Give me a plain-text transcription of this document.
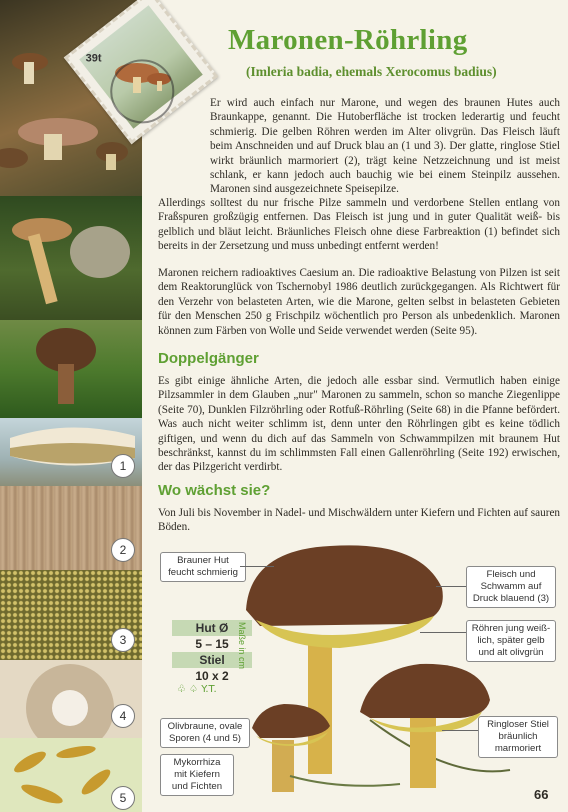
1
2
3
4
5
39t
Maronen-Röhrling
(Imleria badia, ehemals Xerocomus badius)
Er wird auch einfach nur Marone, und wegen des braunen Hutes auch Braunkappe, genannt. Die Hutoberfläche ist trocken lederartig und feucht schmierig. Die gelben Röhren werden im Alter olivgrün. Das Fleisch läuft beim Anschneiden und auf Druck blau an (1 und 3). Der glatte, ringlose Stiel wirkt bräunlich marmoriert (2), trägt keine Netzzeichnung und ist meist schlank, er kann jedoch auch bauchig wie bei einem Steinpilz aussehen. Maronen sind ausgezeichnete Speisepilze.
Allerdings solltest du nur frische Pilze sammeln und verdorbene Stellen entlang von Fraßspuren großzügig entfernen. Das Fleisch ist jung und in guter Qualität weiß- bis gelblich und bläut leicht. Bräunliches Fleisch ohne diese Farbreaktion (1) befindet sich bereits in der Zersetzung und muss unbedingt entfernt werden!
Maronen reichern radioaktives Caesium an. Die radioaktive Belastung von Pilzen ist seit dem Reaktorunglück von Tschernobyl 1986 deutlich zurückgegangen. Als Richtwert für den Verzehr von belasteten Arten, wie die Marone, gelten selbst in belasteten Gebieten für den Menschen 250 g Frischpilz wöchentlich pro Person als unbedenklich. Maronen können zum Färben von Wolle und Seide verwendet werden (Seite 95).
Doppelgänger
Es gibt einige ähnliche Arten, die jedoch alle essbar sind. Vermutlich haben einige Pilzsammler in dem Glauben „nur" Maronen zu sammeln, schon so manche Ziegenlippe (Seite 70), Dunklen Filzröhrling oder Rotfuß-Röhrling (Seite 68) in die Pfanne befördert. Was auch nicht weiter schlimm ist, denn unter den Röhrlingen gibt es keine tödlich giftigen, und wenn du dich auf das Sammeln von Schwammpilzen mit braunem Hut beschränkst, kannst du im schlimmsten Fall einen Gallenröhrling (Seite 192) erwischen, der das Pilzgericht verdirbt.
Wo wächst sie?
Von Juli bis November in Nadel- und Mischwäldern unter Kiefern und Fichten auf sauren Böden.
Brauner Hut
feucht schmierig	Fleisch und
Schwamm auf
Druck blauend (3)
Röhren jung weiß-
lich, später gelb
und alt olivgrün
Ringloser Stiel
bräunlich
marmoriert
Olivbraune, ovale
Sporen (4 und 5)
Mykorrhiza
mit Kiefern
und Fichten
Hut Ø
5 – 15
Stiel
10 x 2
Maße in cm
♧ ♤ Y.T.
66
